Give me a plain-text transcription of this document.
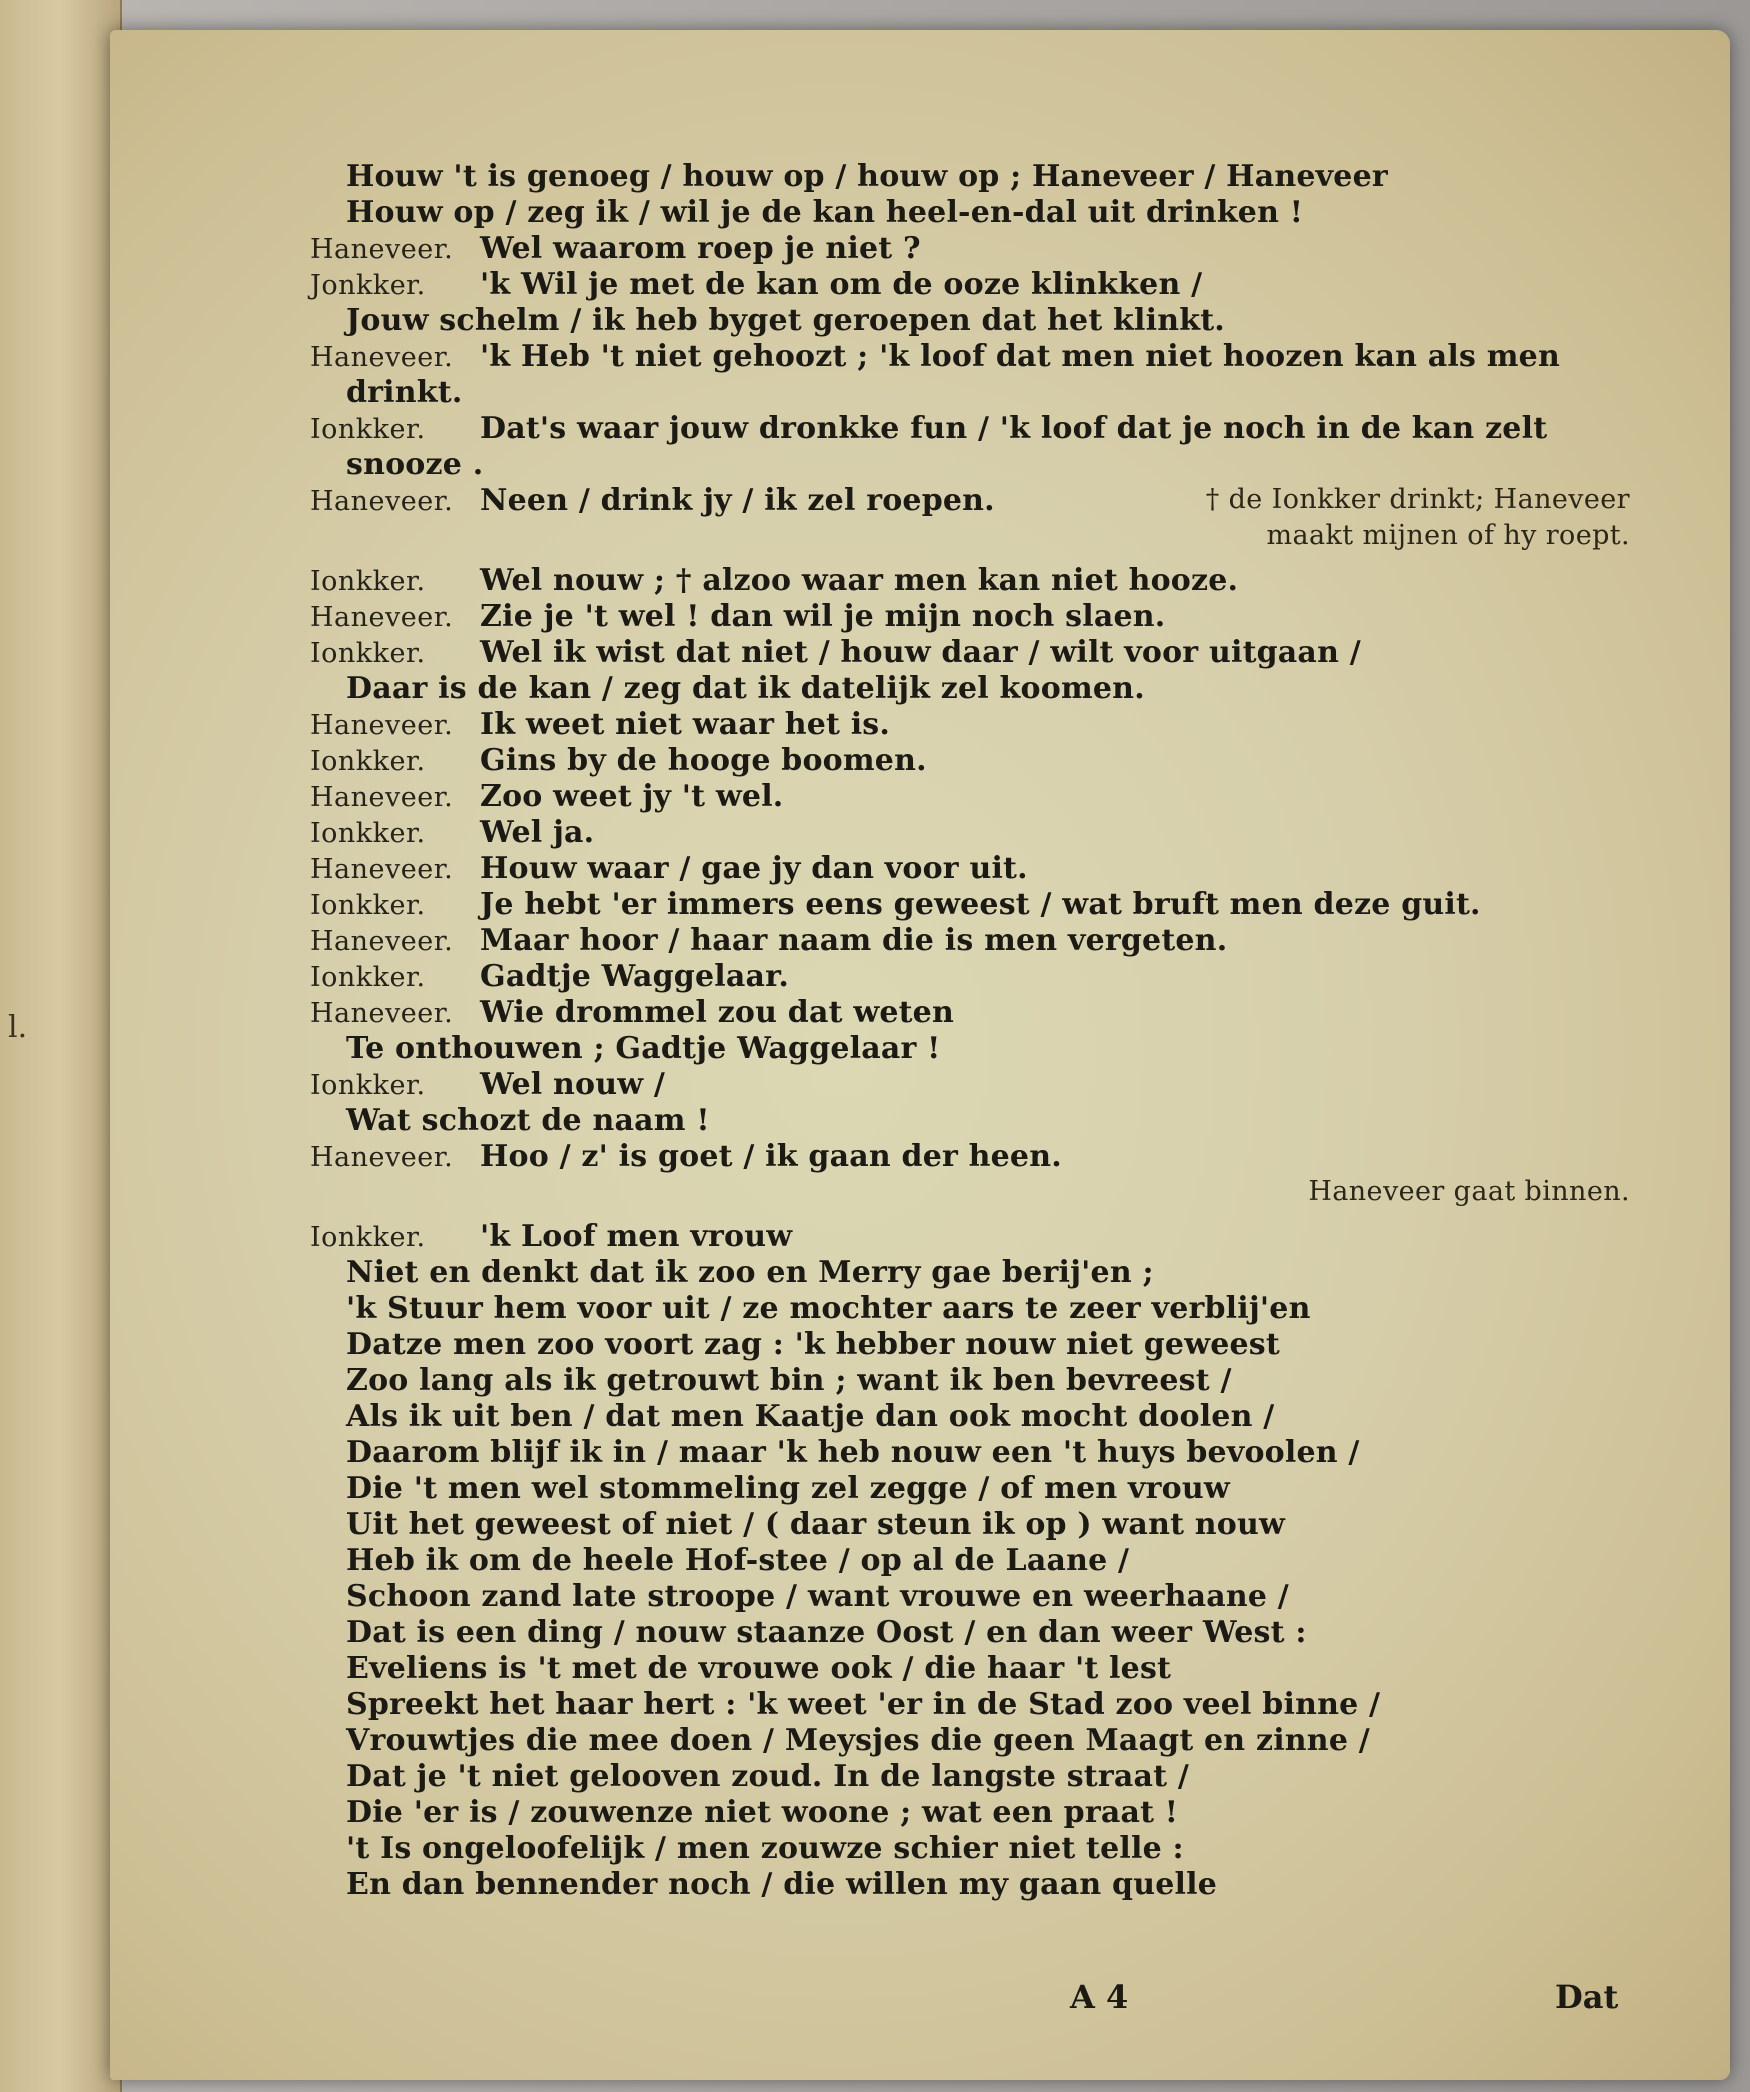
l.
Houw 't is genoeg / houw op / houw op ; Haneveer / Haneveer
Houw op / zeg ik / wil je de kan heel-en-dal uit drinken !
Haneveer. Wel waarom roep je niet ?
Jonkker. 'k Wil je met de kan om de ooze klinkken /
Jouw schelm / ik heb byget geroepen dat het klinkt.
Haneveer. 'k Heb 't niet gehoozt ; 'k loof dat men niet hoozen kan als men
drinkt.
Ionkker. Dat's waar jouw dronkke fun / 'k loof dat je noch in de kan zelt
snooze .
Haneveer. Neen / drink jy / ik zel roepen.	† de Ionkker drinkt; Haneveer
maakt mijnen of hy roept.
Ionkker. Wel nouw ; † alzoo waar men kan niet hooze.
Haneveer. Zie je 't wel ! dan wil je mijn noch slaen.
Ionkker. Wel ik wist dat niet / houw daar / wilt voor uitgaan /
Daar is de kan / zeg dat ik datelijk zel koomen.
Haneveer. Ik weet niet waar het is.
Ionkker. Gins by de hooge boomen.
Haneveer. Zoo weet jy 't wel.
Ionkker. Wel ja.
Haneveer. Houw waar / gae jy dan voor uit.
Ionkker. Je hebt 'er immers eens geweest / wat bruft men deze guit.
Haneveer. Maar hoor / haar naam die is men vergeten.
Ionkker. Gadtje Waggelaar.
Haneveer. Wie drommel zou dat weten
Te onthouwen ; Gadtje Waggelaar !
Ionkker. Wel nouw /
Wat schozt de naam !
Haneveer. Hoo / z' is goet / ik gaan der heen.
Haneveer gaat binnen.
Ionkker. 'k Loof men vrouw
Niet en denkt dat ik zoo en Merry gae berij'en ;
'k Stuur hem voor uit / ze mochter aars te zeer verblij'en
Datze men zoo voort zag : 'k hebber nouw niet geweest
Zoo lang als ik getrouwt bin ; want ik ben bevreest /
Als ik uit ben / dat men Kaatje dan ook mocht doolen /
Daarom blijf ik in / maar 'k heb nouw een 't huys bevoolen /
Die 't men wel stommeling zel zegge / of men vrouw
Uit het geweest of niet / ( daar steun ik op ) want nouw
Heb ik om de heele Hof-stee / op al de Laane /
Schoon zand late stroope / want vrouwe en weerhaane /
Dat is een ding / nouw staanze Oost / en dan weer West :
Eveliens is 't met de vrouwe ook / die haar 't lest
Spreekt het haar hert : 'k weet 'er in de Stad zoo veel binne /
Vrouwtjes die mee doen / Meysjes die geen Maagt en zinne /
Dat je 't niet gelooven zoud. In de langste straat /
Die 'er is / zouwenze niet woone ; wat een praat !
't Is ongeloofelijk / men zouwze schier niet telle :
En dan bennender noch / die willen my gaan quelle
A 4	Dat
